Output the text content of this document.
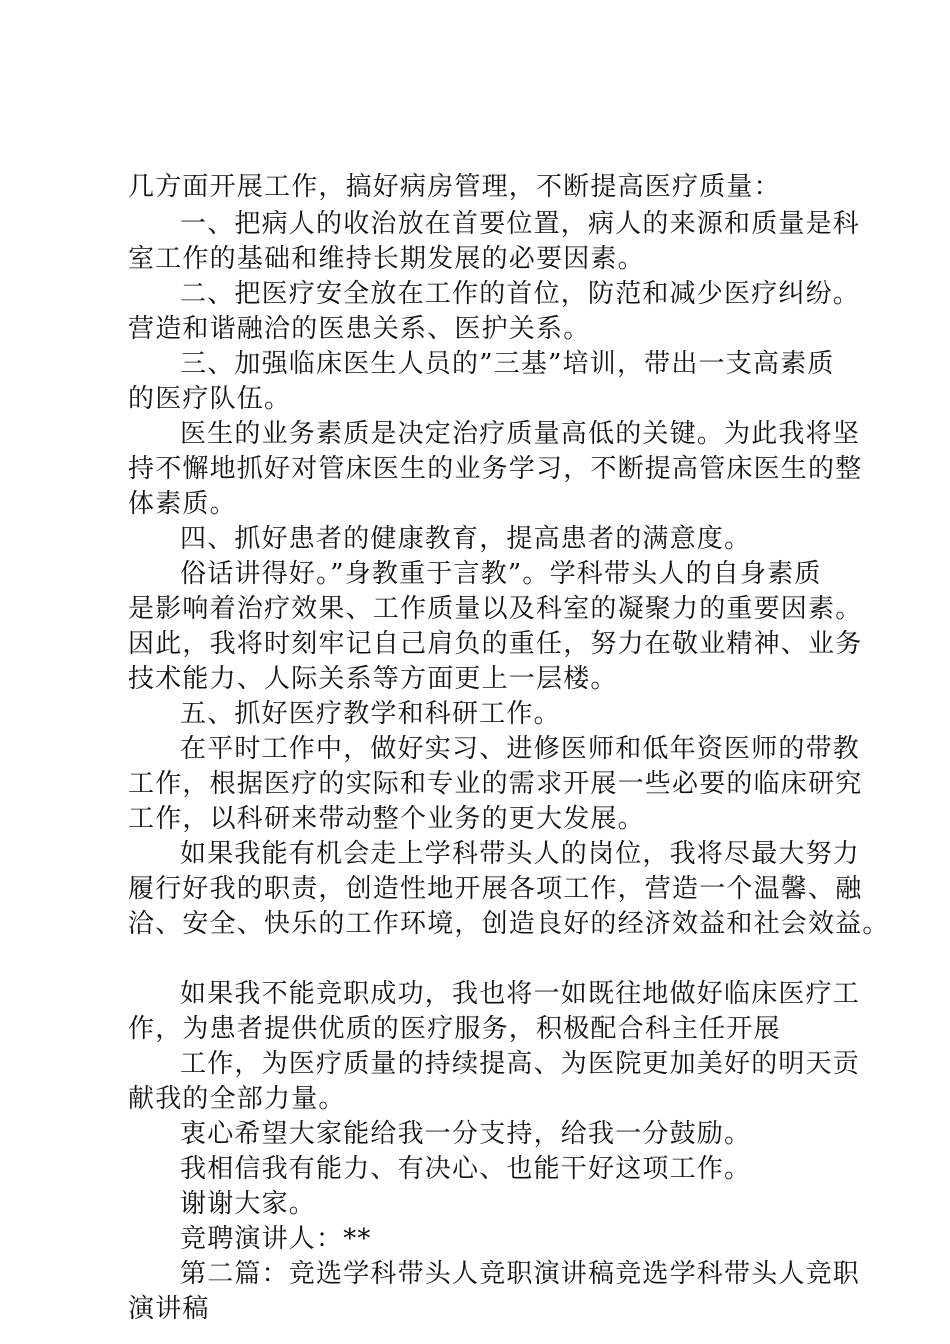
几方面开展工作，搞好病房管理，不断提高医疗质量：
一、把病人的收治放在首要位置，病人的来源和质量是科
室工作的基础和维持长期发展的必要因素。
二、把医疗安全放在工作的首位，防范和减少医疗纠纷。
营造和谐融洽的医患关系、医护关系。
三、加强临床医生人员的”三基”培训，带出一支高素质
的医疗队伍。
医生的业务素质是决定治疗质量高低的关键。为此我将坚
持不懈地抓好对管床医生的业务学习，不断提高管床医生的整
体素质。
四、抓好患者的健康教育，提高患者的满意度。
俗话讲得好。”身教重于言教”。学科带头人的自身素质
是影响着治疗效果、工作质量以及科室的凝聚力的重要因素。
因此，我将时刻牢记自己肩负的重任，努力在敬业精神、业务
技术能力、人际关系等方面更上一层楼。
五、抓好医疗教学和科研工作。
在平时工作中，做好实习、进修医师和低年资医师的带教
工作，根据医疗的实际和专业的需求开展一些必要的临床研究
工作，以科研来带动整个业务的更大发展。
如果我能有机会走上学科带头人的岗位，我将尽最大努力
履行好我的职责，创造性地开展各项工作，营造一个温馨、融
洽、安全、快乐的工作环境，创造良好的经济效益和社会效益。
如果我不能竞职成功，我也将一如既往地做好临床医疗工
作，为患者提供优质的医疗服务，积极配合科主任开展
工作，为医疗质量的持续提高、为医院更加美好的明天贡
献我的全部力量。
衷心希望大家能给我一分支持，给我一分鼓励。
我相信我有能力、有决心、也能干好这项工作。
谢谢大家。
竞聘演讲人：**
第二篇：竞选学科带头人竞职演讲稿竞选学科带头人竞职
演讲稿
